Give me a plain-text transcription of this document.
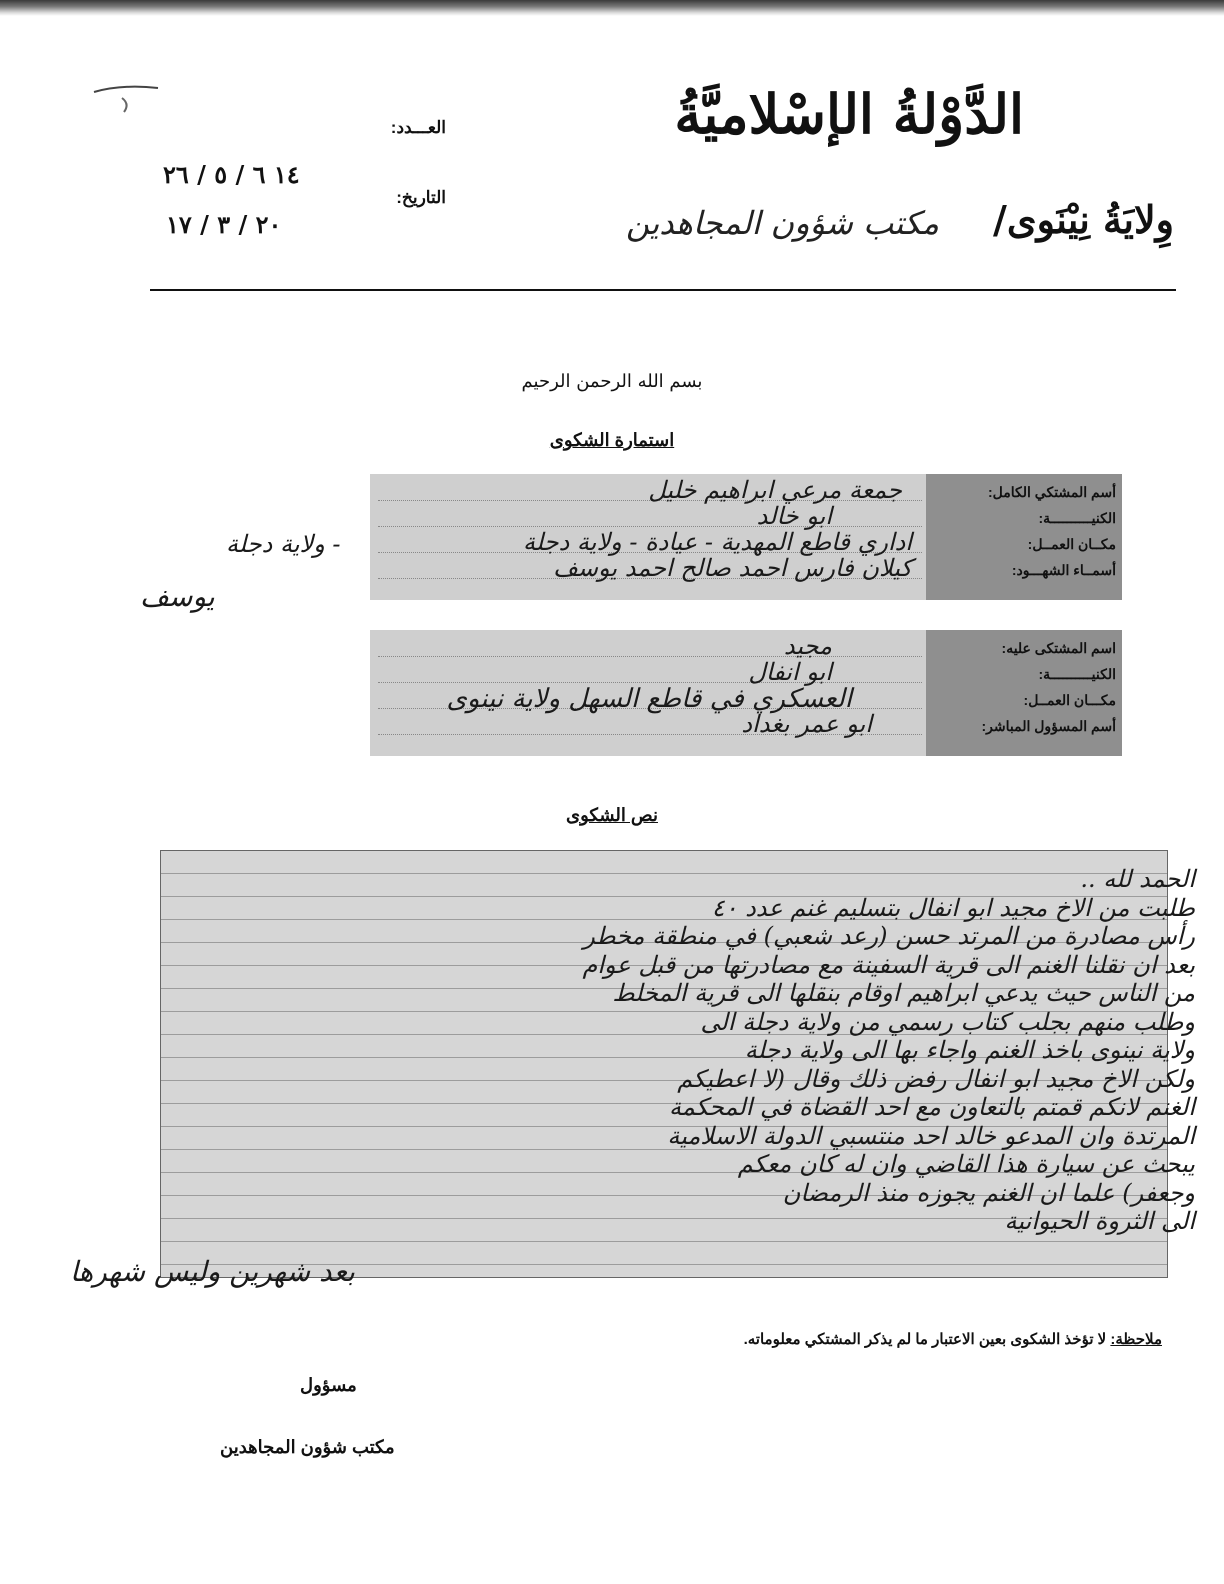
الدَّوْلةُ الإسْلاميَّةُ
وِلايَةُ نِيْنَوى/
مكتب شؤون المجاهدين
العـــدد:
التاريخ:
١٤ ٦ / ٥ / ٢٦
٢٠ / ٣ / ١٧
بسم الله الرحمن الرحيم
استمارة الشكوى
أسم المشتكي الكامل:
جمعة مرعي ابراهيم خليل
الكنيــــــــــة:
ابو خالد
مكــان العمــل:
اداري قاطع المهدية - عيادة - ولاية دجلة
أسمــاء الشهـــود:
كيلان فارس احمد صالح احمد يوسف
- ولاية دجلة
يوسف
اسم المشتكى عليه:
مجيد
الكنيــــــــــة:
ابو انفال
مكـــان العمــل:
العسكري في قاطع السهل ولاية نينوى
أسم المسؤول المباشر:
ابو عمر بغداد
نص الشكوى
الحمد لله ..
طلبت من الاخ مجيد ابو انفال بتسليم غنم عدد ٤٠
رأس مصادرة من المرتد حسن (رعد شعبي) في منطقة مخطر
بعد ان نقلنا الغنم الى قرية السفينة مع مصادرتها من قبل عوام
من الناس حيث يدعي ابراهيم اوقام بنقلها الى قرية المخلط
وطلب منهم بجلب كتاب رسمي من ولاية دجلة الى
ولاية نينوى باخذ الغنم واجاء بها الى ولاية دجلة
ولكن الاخ مجيد ابو انفال رفض ذلك وقال (لا اعطيكم
الغنم لانكم قمتم بالتعاون مع احد القضاة في المحكمة
المرتدة وان المدعو خالد احد منتسبي الدولة الاسلامية
يبحث عن سيارة هذا القاضي وان له كان معكم
وجعفر) علما ان الغنم يجوزه منذ الرمضان
الى الثروة الحيوانية
بعد شهرين وليس شهرها
ملاحظة: لا تؤخذ الشكوى بعين الاعتبار ما لم يذكر المشتكي معلوماته.
مسؤول
مكتب شؤون المجاهدين
